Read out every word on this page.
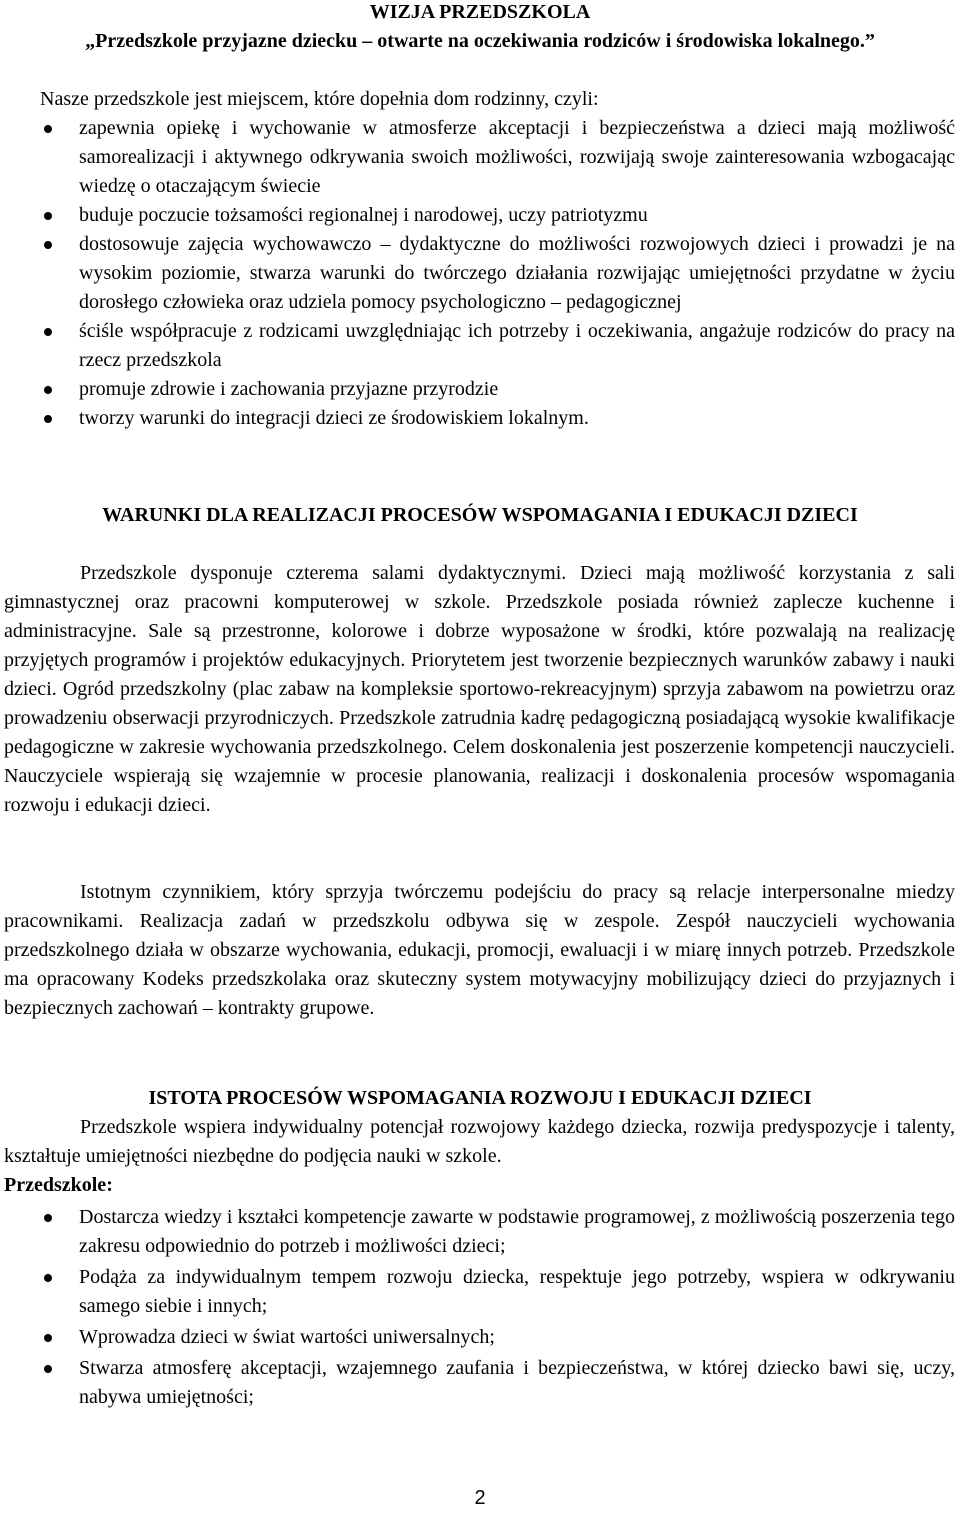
WIZJA PRZEDSZKOLA

„Przedszkole przyjazne dziecku – otwarte na oczekiwania rodziców i środowiska lokalnego.”

Nasze przedszkole jest miejscem, które dopełnia dom rodzinny, czyli:

zapewnia opiekę i wychowanie w atmosferze akceptacji i bezpieczeństwa a dzieci mają możliwość samorealizacji i aktywnego odkrywania swoich możliwości, rozwijają swoje zainteresowania wzbogacając wiedzę o otaczającym świecie
buduje poczucie tożsamości regionalnej i narodowej, uczy patriotyzmu
dostosowuje zajęcia wychowawczo – dydaktyczne do możliwości rozwojowych dzieci i prowadzi je na wysokim poziomie, stwarza warunki do twórczego działania rozwijając umiejętności przydatne w życiu dorosłego człowieka oraz udziela pomocy psychologiczno – pedagogicznej
ściśle współpracuje z rodzicami uwzględniając ich potrzeby i oczekiwania, angażuje rodziców do pracy na rzecz przedszkola
promuje zdrowie i zachowania przyjazne przyrodzie
tworzy warunki do integracji dzieci ze środowiskiem lokalnym.
WARUNKI DLA REALIZACJI PROCESÓW WSPOMAGANIA I EDUKACJI DZIECI

Przedszkole dysponuje czterema salami dydaktycznymi. Dzieci mają możliwość korzystania z sali gimnastycznej oraz pracowni komputerowej w szkole. Przedszkole posiada również zaplecze kuchenne i administracyjne. Sale są przestronne, kolorowe i dobrze wyposażone w środki, które pozwalają na realizację przyjętych programów i projektów edukacyjnych. Priorytetem jest tworzenie bezpiecznych warunków zabawy i nauki dzieci. Ogród przedszkolny (plac zabaw na kompleksie sportowo-rekreacyjnym) sprzyja zabawom na powietrzu oraz prowadzeniu obserwacji przyrodniczych. Przedszkole zatrudnia kadrę pedagogiczną posiadającą wysokie kwalifikacje pedagogiczne w zakresie wychowania przedszkolnego. Celem doskonalenia jest poszerzenie kompetencji nauczycieli. Nauczyciele wspierają się wzajemnie w procesie planowania, realizacji i doskonalenia procesów wspomagania rozwoju i edukacji dzieci.

Istotnym czynnikiem, który sprzyja twórczemu podejściu do pracy są relacje interpersonalne miedzy pracownikami. Realizacja zadań w przedszkolu odbywa się w zespole. Zespół nauczycieli wychowania przedszkolnego działa w obszarze wychowania, edukacji, promocji, ewaluacji i w miarę innych potrzeb. Przedszkole ma opracowany Kodeks przedszkolaka oraz skuteczny system motywacyjny mobilizujący dzieci do przyjaznych i bezpiecznych zachowań – kontrakty grupowe.

ISTOTA PROCESÓW WSPOMAGANIA ROZWOJU I EDUKACJI DZIECI

Przedszkole wspiera indywidualny potencjał rozwojowy każdego dziecka, rozwija predyspozycje i talenty, kształtuje umiejętności niezbędne do podjęcia nauki w szkole.

Przedszkole:

Dostarcza wiedzy i kształci kompetencje zawarte w podstawie programowej, z możliwością poszerzenia tego zakresu odpowiednio do potrzeb i możliwości dzieci;
Podąża za indywidualnym tempem rozwoju dziecka, respektuje jego potrzeby, wspiera w odkrywaniu samego siebie i innych;
Wprowadza dzieci w świat wartości uniwersalnych;
Stwarza atmosferę akceptacji, wzajemnego zaufania i bezpieczeństwa, w której dziecko bawi się, uczy, nabywa umiejętności;
2
